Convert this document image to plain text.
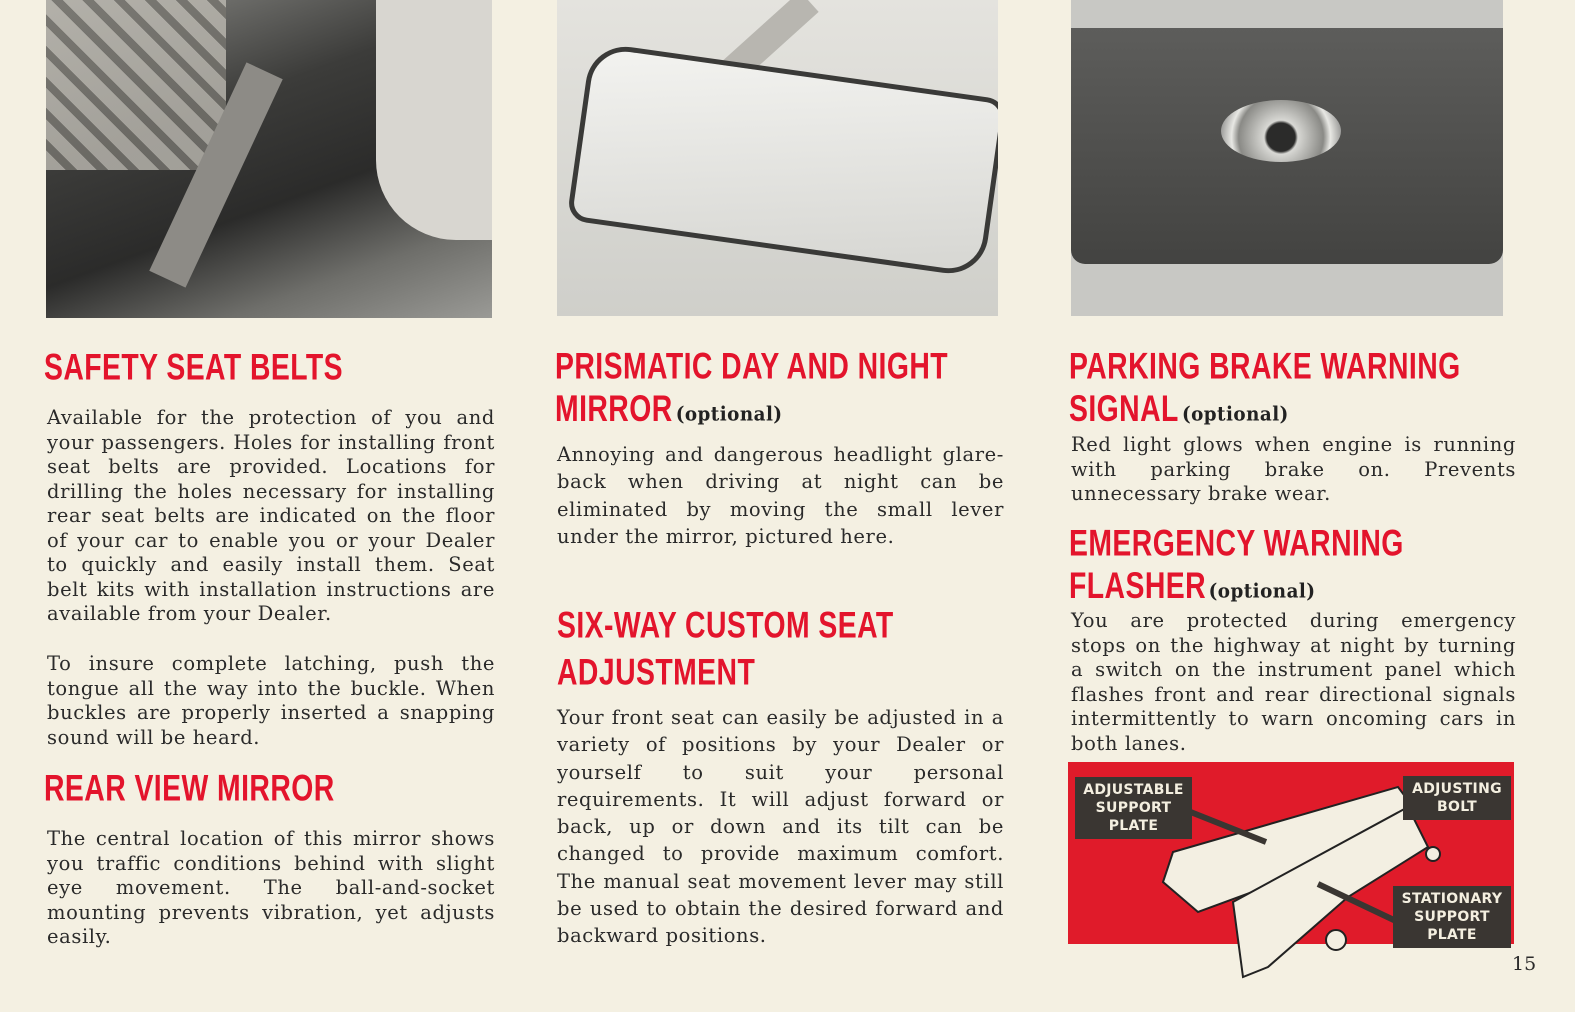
SAFETY SEAT BELTS
Available for the protection of you and your passengers. Holes for installing front seat belts are provided. Locations for drilling the holes necessary for installing rear seat belts are indicated on the floor of your car to enable you or your Dealer to quickly and easily install them. Seat belt kits with installation instructions are available from your Dealer.
To insure complete latching, push the tongue all the way into the buckle. When buckles are properly inserted a snapping sound will be heard.
REAR VIEW MIRROR
The central location of this mirror shows you traffic conditions behind with slight eye movement. The ball-and-socket mounting prevents vibration, yet adjusts easily.
PRISMATIC DAY AND NIGHT
MIRROR (optional)
Annoying and dangerous headlight glare-back when driving at night can be eliminated by moving the small lever under the mirror, pictured here.
SIX-WAY CUSTOM SEAT
ADJUSTMENT
Your front seat can easily be adjusted in a variety of positions by your Dealer or yourself to suit your personal requirements. It will adjust forward or back, up or down and its tilt can be changed to provide maximum comfort. The manual seat movement lever may still be used to obtain the desired forward and backward positions.
PARKING BRAKE WARNING
SIGNAL (optional)
Red light glows when engine is running with parking brake on. Prevents unnecessary brake wear.
EMERGENCY WARNING
FLASHER (optional)
You are protected during emergency stops on the highway at night by turning a switch on the instrument panel which flashes front and rear directional signals intermittently to warn oncoming cars in both lanes.
ADJUSTABLE SUPPORT PLATE
ADJUSTING BOLT
STATIONARY SUPPORT PLATE
15
